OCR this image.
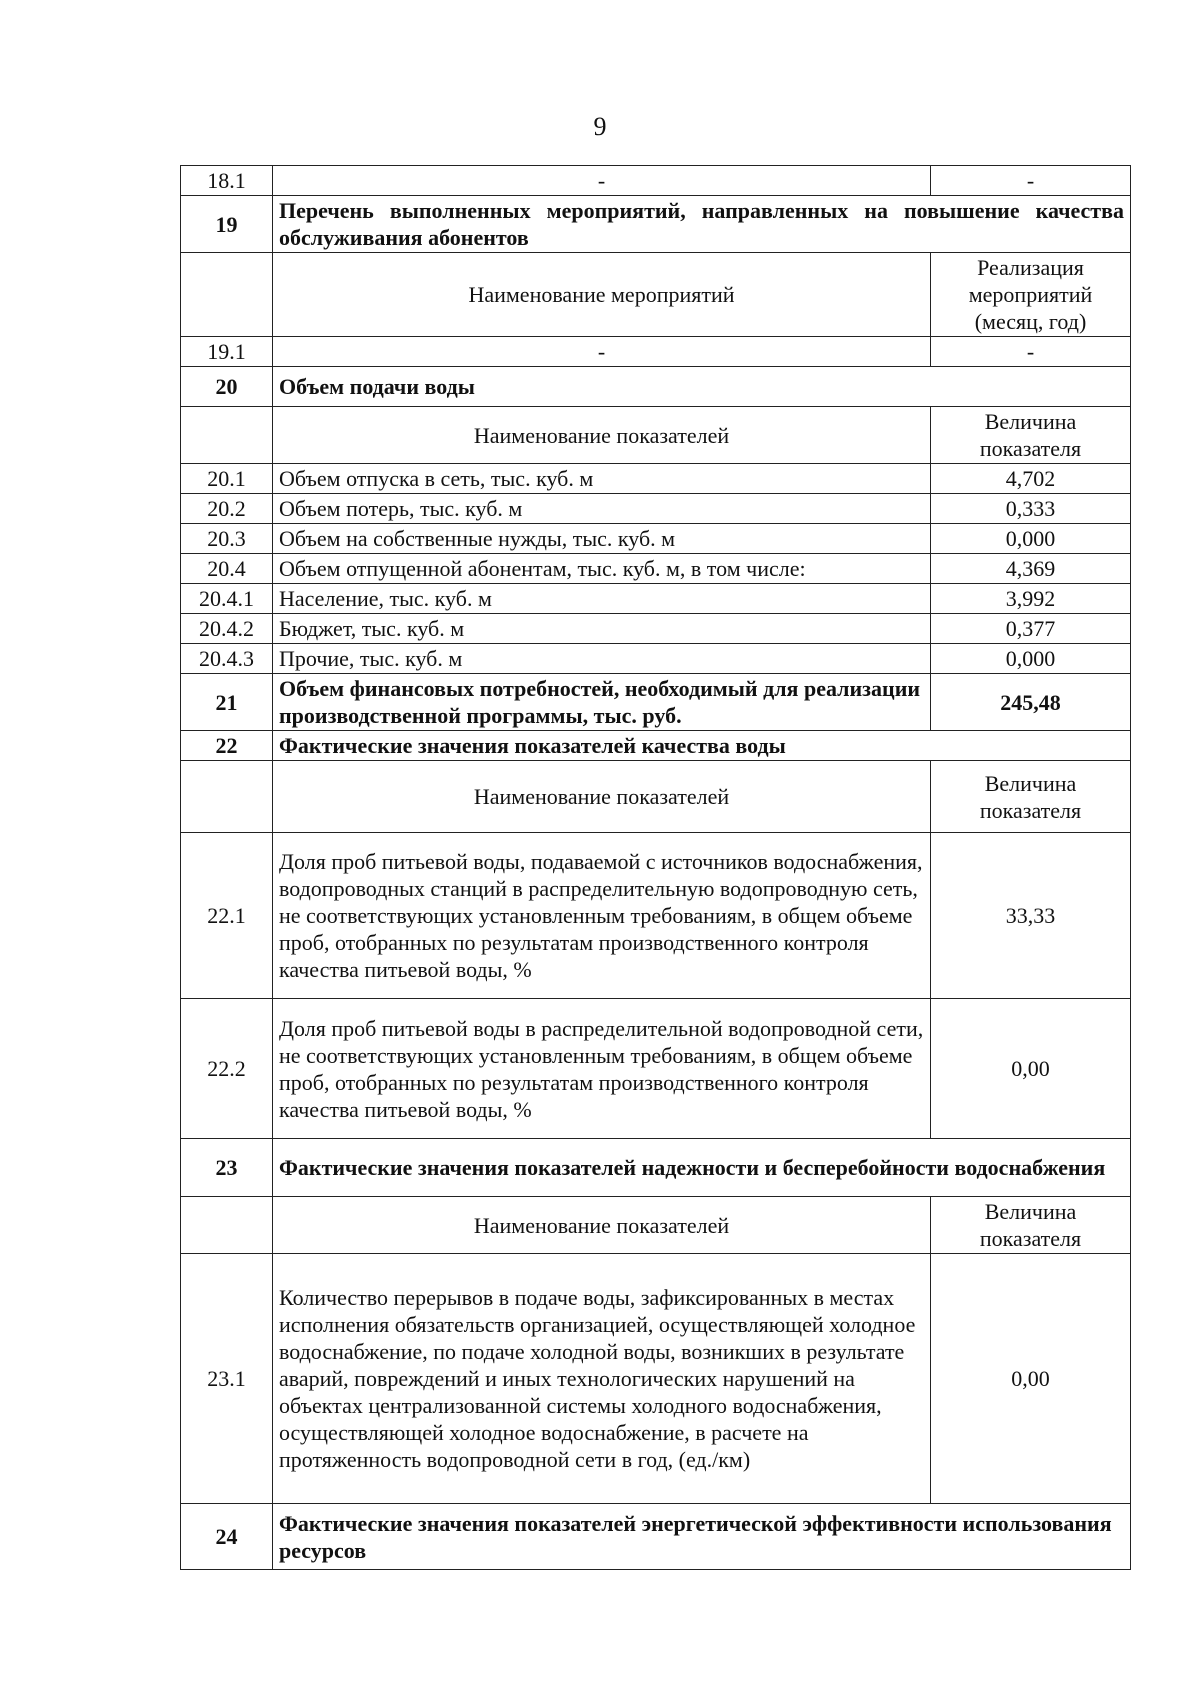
9
18.1	-	-
19	Перечень выполненных мероприятий, направленных на повышение качества обслуживания абонентов	
	Наименование мероприятий	Реализация мероприятий (месяц, год)
19.1	-	-
20	Объем подачи воды	
	Наименование показателей	Величина показателя
20.1	Объем отпуска в сеть, тыс. куб. м	4,702
20.2	Объем потерь, тыс. куб. м	0,333
20.3	Объем на собственные нужды, тыс. куб. м	0,000
20.4	Объем отпущенной абонентам, тыс. куб. м, в том числе:	4,369
20.4.1	Население, тыс. куб. м	3,992
20.4.2	Бюджет, тыс. куб. м	0,377
20.4.3	Прочие, тыс. куб. м	0,000
21	Объем финансовых потребностей, необходимый для реализации производственной программы, тыс. руб.	245,48
22	Фактические значения показателей качества воды	
	Наименование показателей	Величина показателя
22.1	Доля проб питьевой воды, подаваемой с источников водоснабжения, водопроводных станций в распределительную водопроводную сеть, не соответствующих установленным требованиям, в общем объеме проб, отобранных по результатам производственного контроля качества питьевой воды, %	33,33
22.2	Доля проб питьевой воды в распределительной водопроводной сети, не соответствующих установленным требованиям, в общем объеме проб, отобранных по результатам производственного контроля качества питьевой воды, %	0,00
23	Фактические значения показателей надежности и бесперебойности водоснабжения	
	Наименование показателей	Величина показателя
23.1	Количество перерывов в подаче воды, зафиксированных в местах исполнения обязательств организацией, осуществляющей холодное водоснабжение, по подаче холодной воды, возникших в результате аварий, повреждений и иных технологических нарушений на объектах централизованной системы холодного водоснабжения, осуществляющей холодное водоснабжение, в расчете на протяженность водопроводной сети в год, (ед./км)	0,00
24	Фактические значения показателей энергетической эффективности использования ресурсов	
